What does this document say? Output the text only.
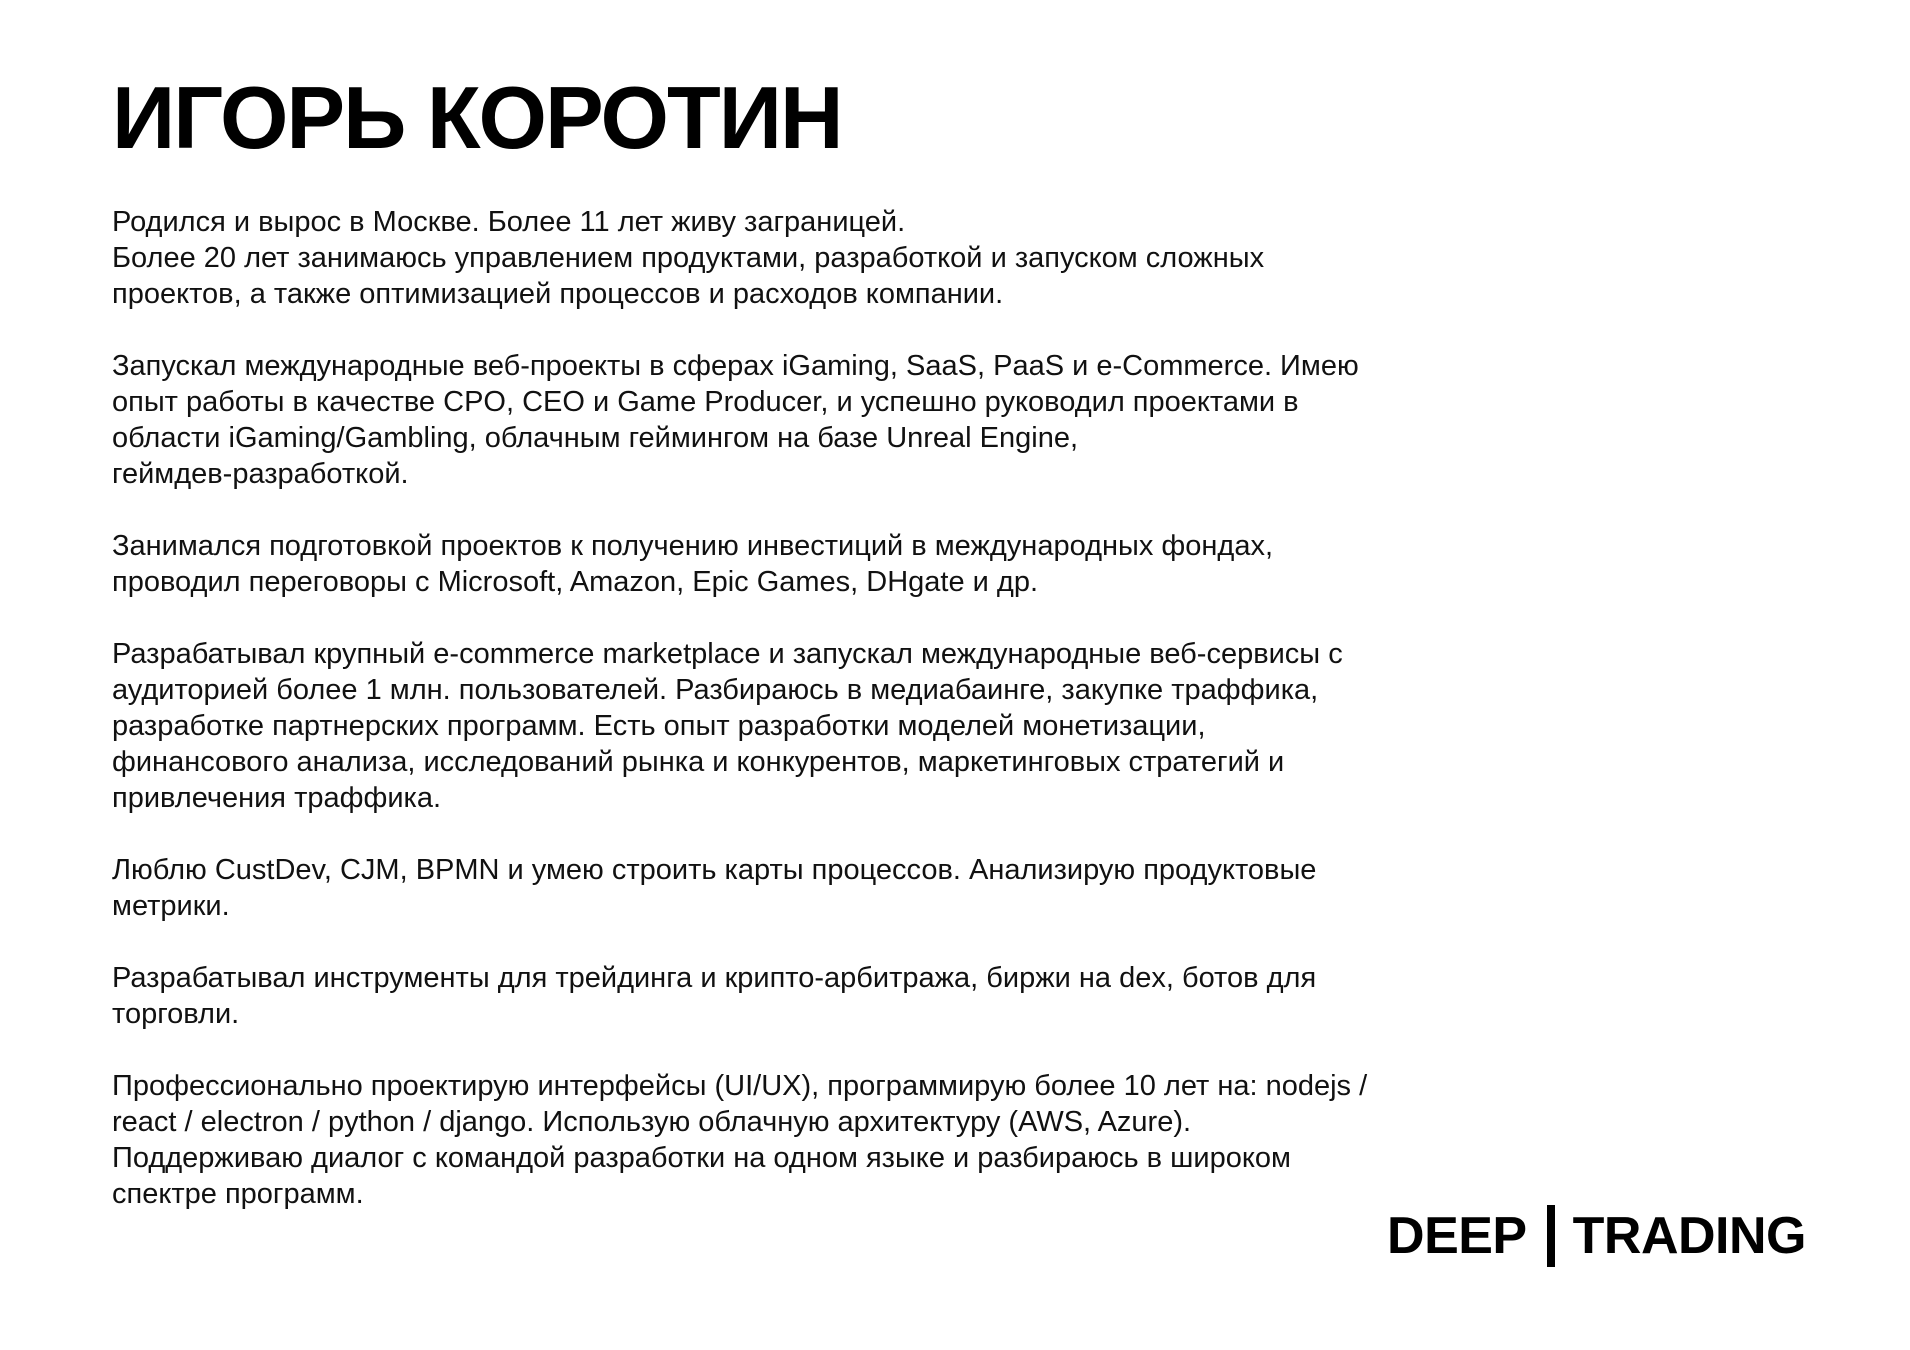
ИГОРЬ КОРОТИН

Родился и вырос в Москве. Более 11 лет живу заграницей.
Более 20 лет занимаюсь управлением продуктами, разработкой и запуском сложных
проектов, а также оптимизацией процессов и расходов компании.

Запускал международные веб-проекты в сферах iGaming, SaaS, PaaS и e-Commerce. Имею
опыт работы в качестве CPO, CEO и Game Producer, и успешно руководил проектами в
области iGaming/Gambling, облачным геймингом на базе Unreal Engine,
геймдев-разработкой.

Занимался подготовкой проектов к получению инвестиций в международных фондах,
проводил переговоры с Microsoft, Amazon, Epic Games, DHgate и др.

Разрабатывал крупный e-commerce marketplace и запускал международные веб-сервисы с
аудиторией более 1 млн. пользователей. Разбираюсь в медиабаинге, закупке траффика,
разработке партнерских программ. Есть опыт разработки моделей монетизации,
финансового анализа, исследований рынка и конкурентов, маркетинговых стратегий и
привлечения траффика.

Люблю CustDev, CJM, BPMN и умею строить карты процессов. Анализирую продуктовые
метрики.

Разрабатывал инструменты для трейдинга и крипто-арбитража, биржи на dex, ботов для
торговли.

Профессионально проектирую интерфейсы (UI/UX), программирую более 10 лет на: nodejs /
react / electron / python / django. Использую облачную архитектуру (AWS, Azure).
Поддерживаю диалог с командой разработки на одном языке и разбираюсь в широком
спектре программ.

DEEP TRADING
